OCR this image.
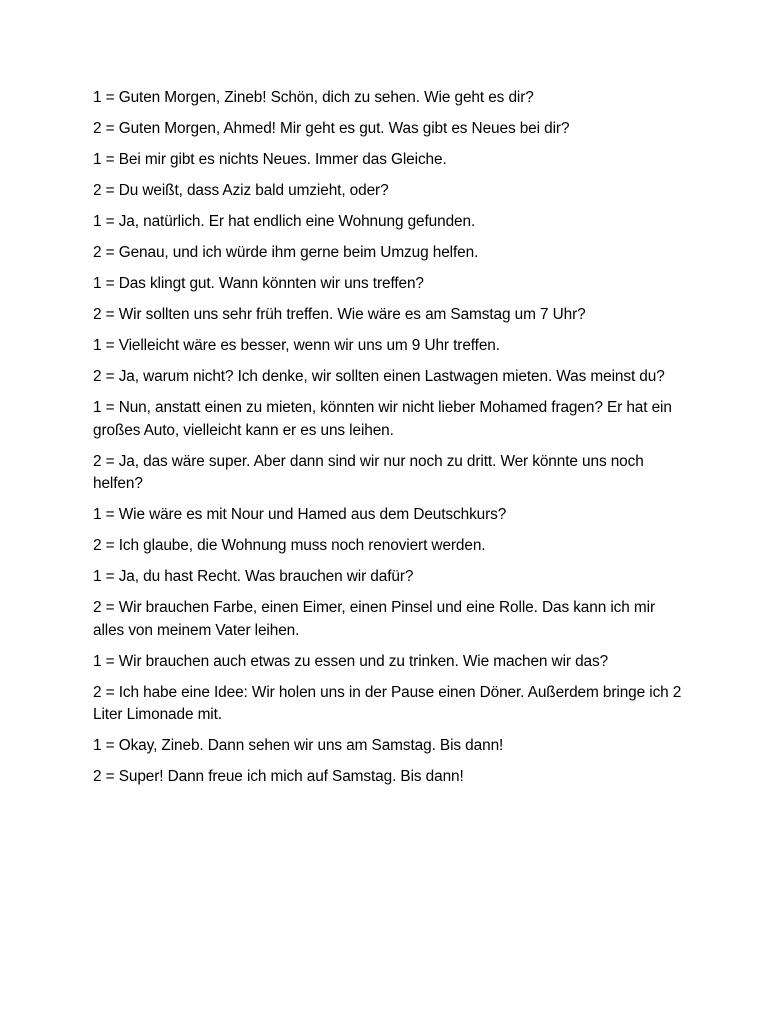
1 = Guten Morgen, Zineb! Schön, dich zu sehen. Wie geht es dir?
2 = Guten Morgen, Ahmed! Mir geht es gut. Was gibt es Neues bei dir?
1 = Bei mir gibt es nichts Neues. Immer das Gleiche.
2 = Du weißt, dass Aziz bald umzieht, oder?
1 = Ja, natürlich. Er hat endlich eine Wohnung gefunden.
2 = Genau, und ich würde ihm gerne beim Umzug helfen.
1 = Das klingt gut. Wann könnten wir uns treffen?
2 = Wir sollten uns sehr früh treffen. Wie wäre es am Samstag um 7 Uhr?
1 = Vielleicht wäre es besser, wenn wir uns um 9 Uhr treffen.
2 = Ja, warum nicht? Ich denke, wir sollten einen Lastwagen mieten. Was meinst du?
1 = Nun, anstatt einen zu mieten, könnten wir nicht lieber Mohamed fragen? Er hat ein großes Auto, vielleicht kann er es uns leihen.
2 = Ja, das wäre super. Aber dann sind wir nur noch zu dritt. Wer könnte uns noch helfen?
1 = Wie wäre es mit Nour und Hamed aus dem Deutschkurs?
2 = Ich glaube, die Wohnung muss noch renoviert werden.
1 = Ja, du hast Recht. Was brauchen wir dafür?
2 = Wir brauchen Farbe, einen Eimer, einen Pinsel und eine Rolle. Das kann ich mir alles von meinem Vater leihen.
1 = Wir brauchen auch etwas zu essen und zu trinken. Wie machen wir das?
2 = Ich habe eine Idee: Wir holen uns in der Pause einen Döner. Außerdem bringe ich 2 Liter Limonade mit.
1 = Okay, Zineb. Dann sehen wir uns am Samstag. Bis dann!
2 = Super! Dann freue ich mich auf Samstag. Bis dann!
